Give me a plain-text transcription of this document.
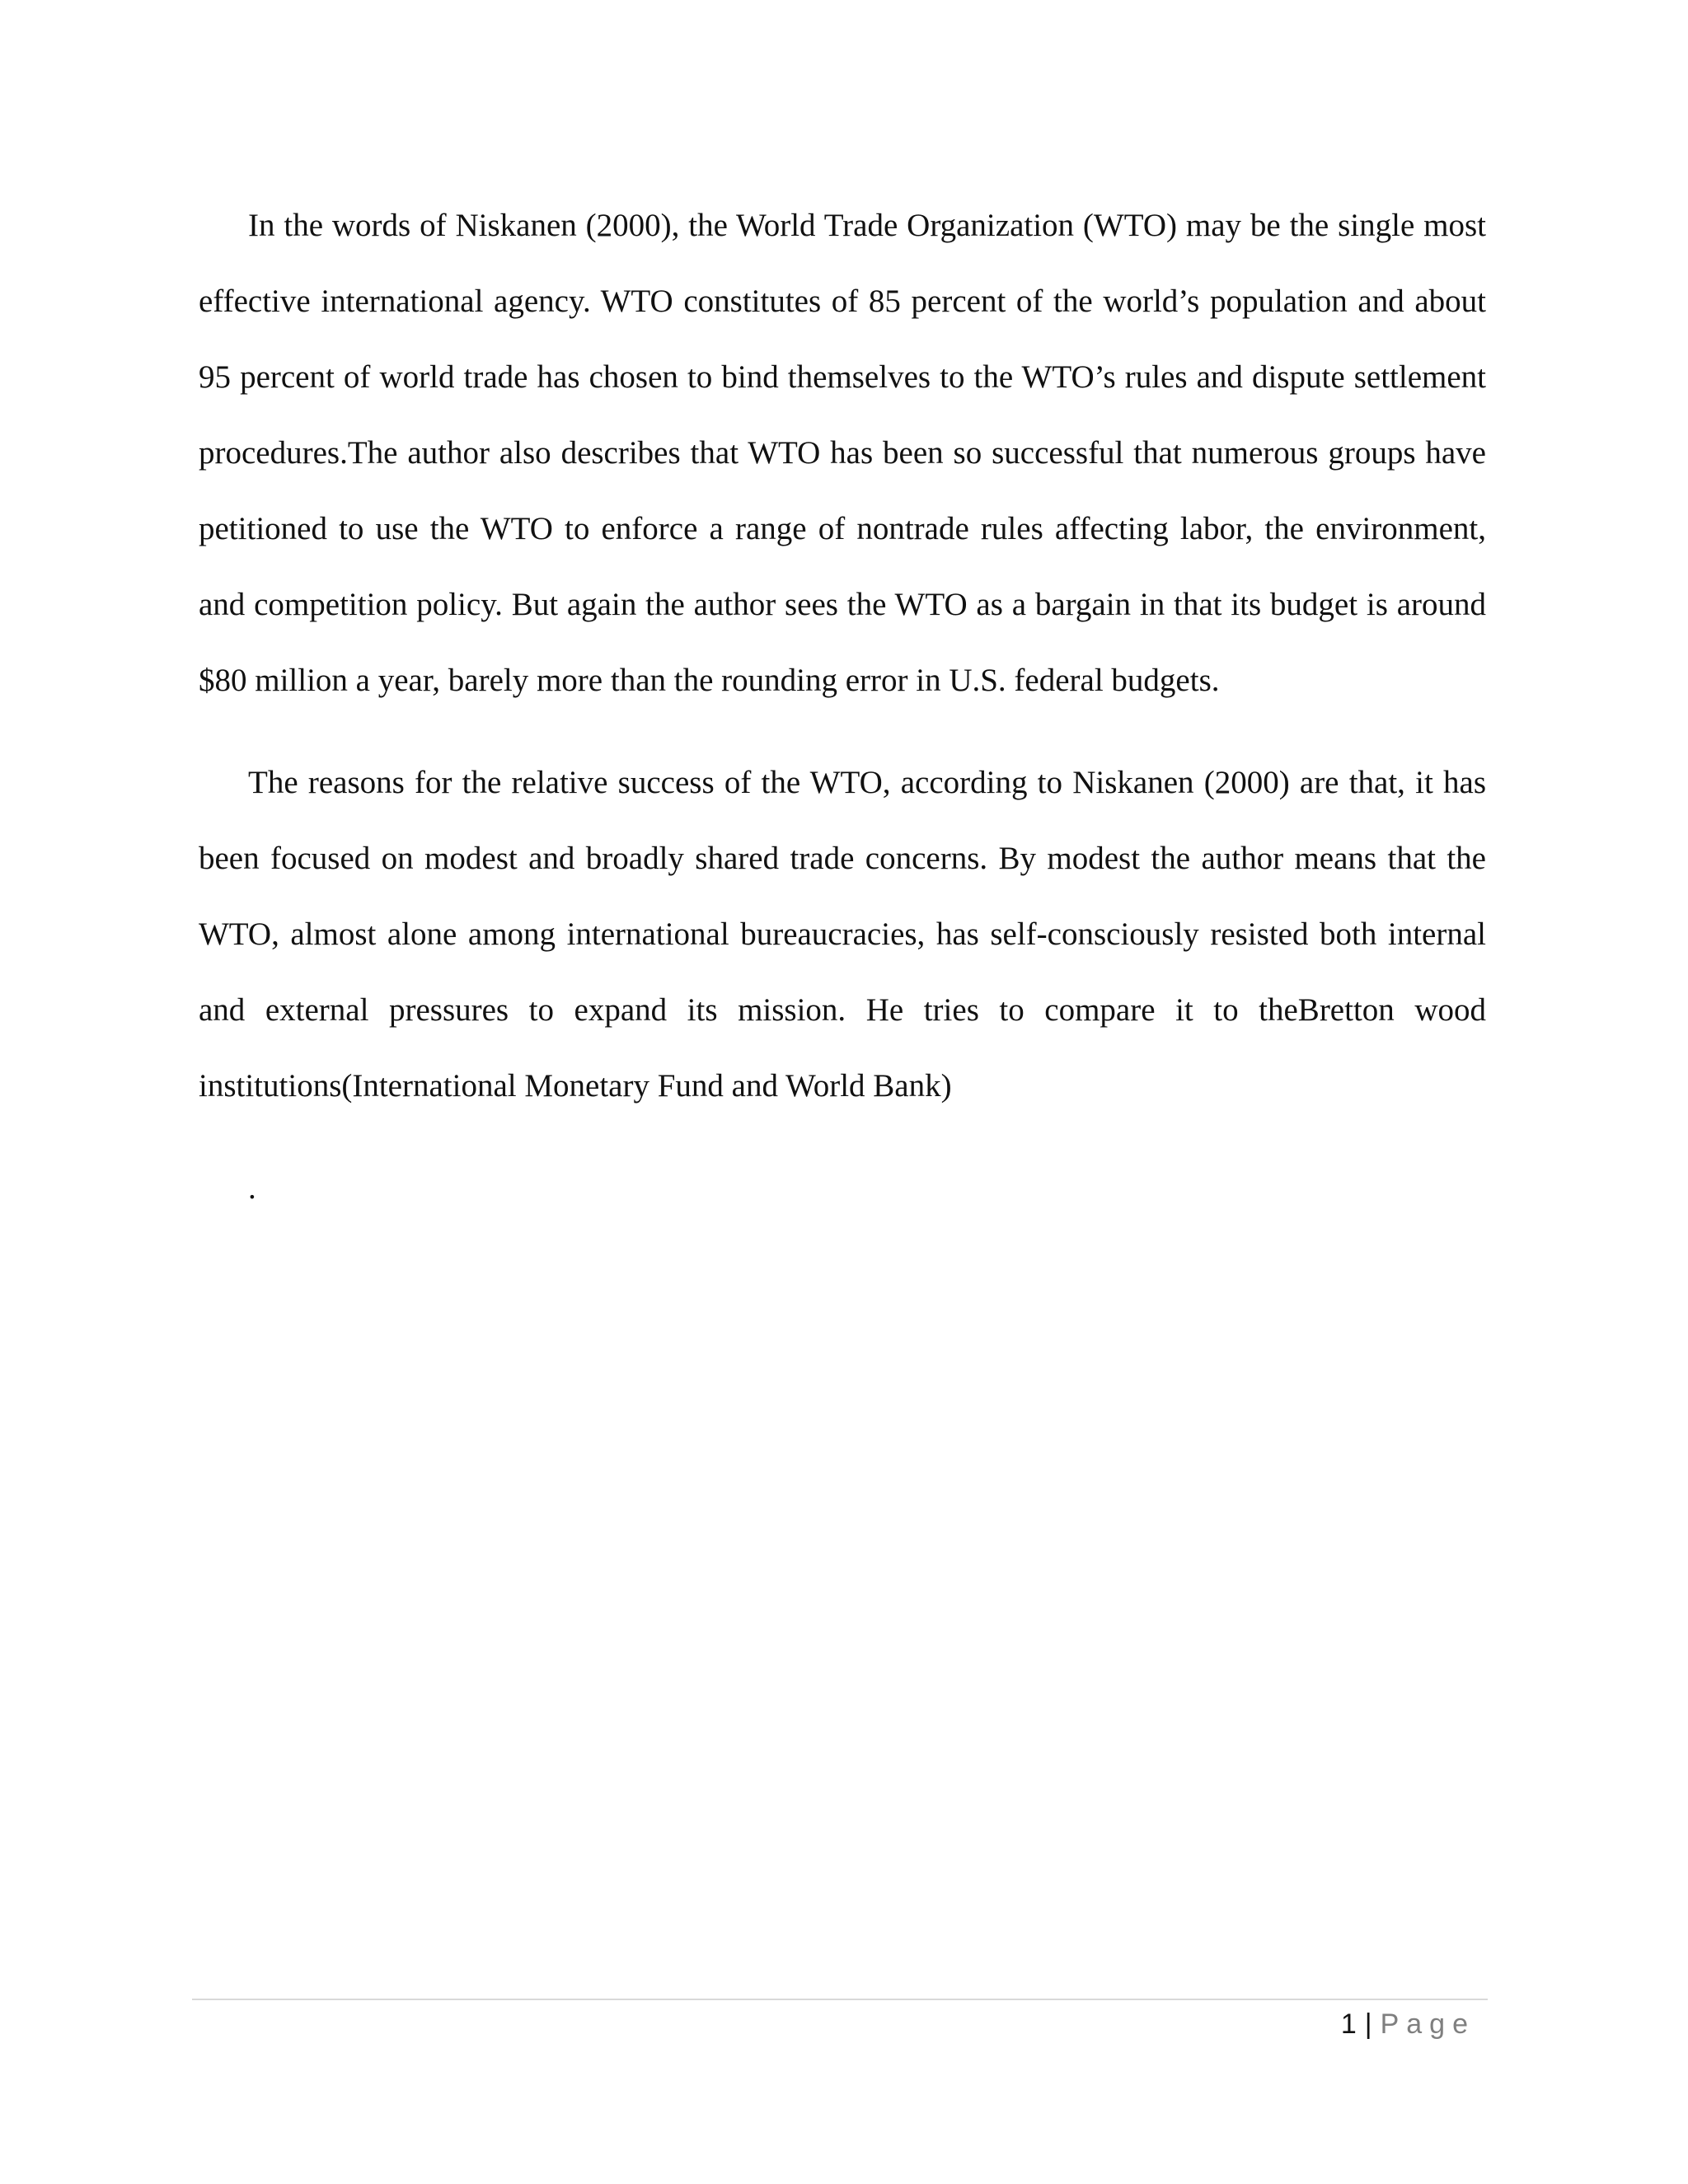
In the words of Niskanen (2000), the World Trade Organization (WTO) may be the single most effective international agency. WTO constitutes of 85 percent of the world’s population and about 95 percent of world trade has chosen to bind themselves to the WTO’s rules and dispute settlement procedures.The author also describes that WTO has been so successful that numerous groups have petitioned to use the WTO to enforce a range of nontrade rules affecting labor, the environment, and competition policy. But again the author sees the WTO as a bargain in that its budget is around $80 million a year, barely more than the rounding error in U.S. federal budgets.

The reasons for the relative success of the WTO, according to Niskanen (2000) are that, it has been focused on modest and broadly shared trade concerns. By modest the author means that the WTO, almost alone among international bureaucracies, has self-consciously resisted both internal and external pressures to expand its mission. He tries to compare it to theBretton wood institutions(International Monetary Fund and World Bank)

.

1 | Page
